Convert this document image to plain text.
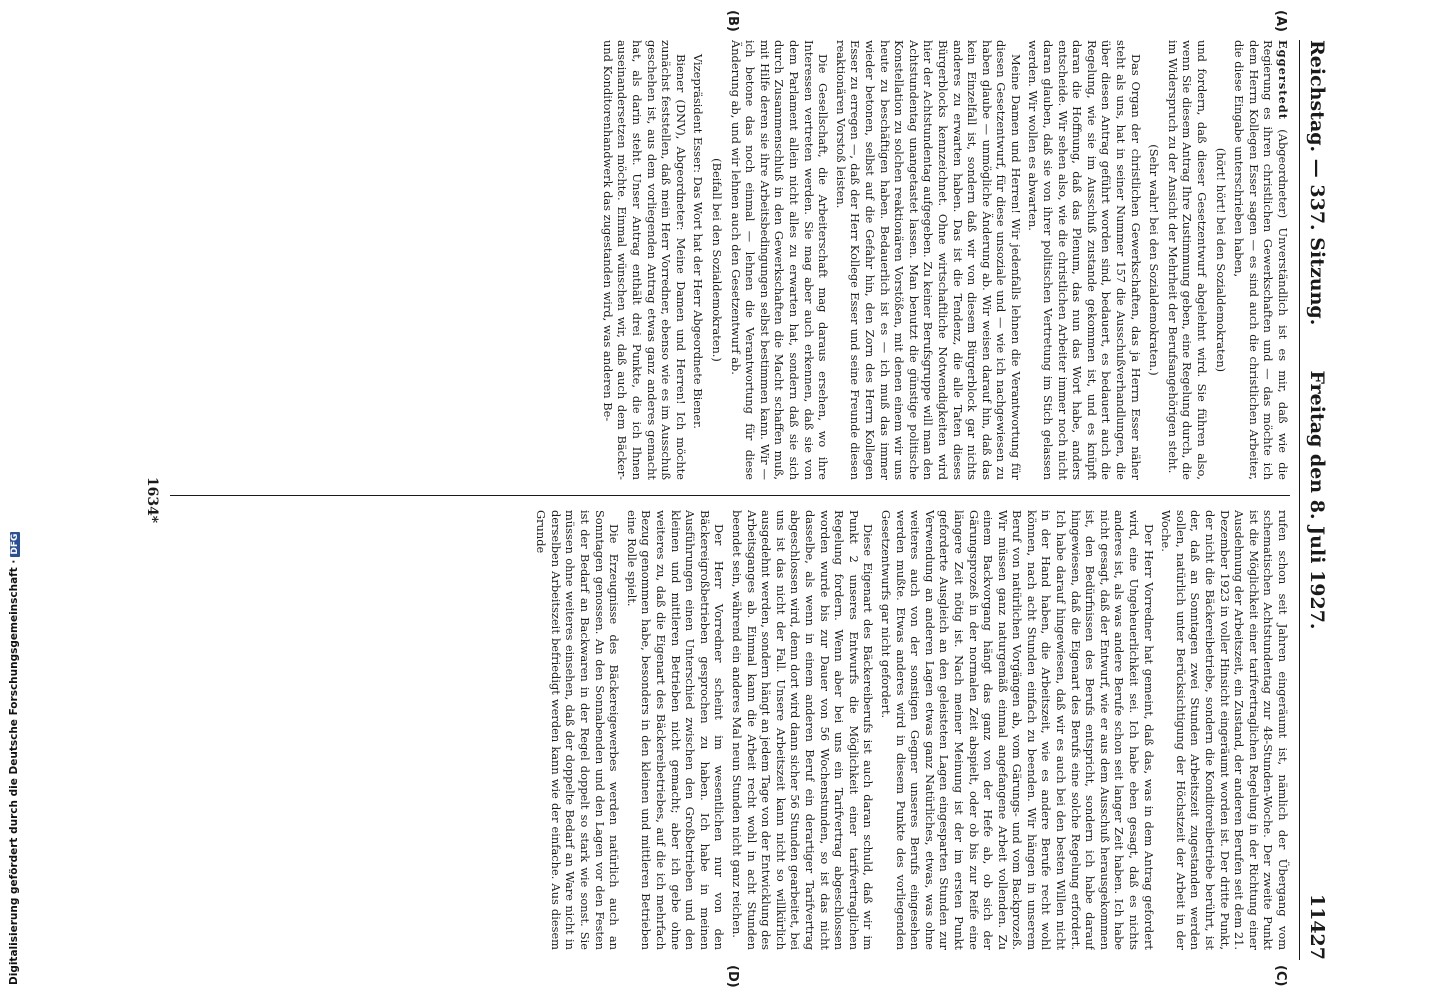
Digitalisierung gefördert durch die Deutsche Forschungsgemeinschaft ·DFG
Reichstag. — 337. Sitzung.
Freitag den 8. Juli 1927.
11427

Eggerstedt (Abgeordneter) Unverständlich ist es mir, daß wie die Regierung es ihren christlichen Gewerkschaften und — das möchte ich dem Herrn Kollegen Esser sagen — es sind auch die christlichen Arbeiter, die diese Eingabe unterschrieben haben,

(hört! hört! bei den Sozialdemokraten)

und fordern, daß dieser Gesetzentwurf abgelehnt wird. Sie führen also, wenn Sie diesem Antrag Ihre Zustimmung geben, eine Regelung durch, die im Widerspruch zu der Ansicht der Mehrheit der Berufsangehörigen steht.

(Sehr wahr! bei den Sozialdemokraten.)

Das Organ der christlichen Gewerkschaften, das ja Herrn Esser näher steht als uns, hat in seiner Nummer 157 die Ausschußverhandlungen, die über diesen Antrag geführt worden sind, bedauert, es bedauert auch die Regelung, wie sie im Ausschuß zustande gekommen ist, und es knüpft daran die Hoffnung, daß das Plenum, das nun das Wort habe, anders entscheide. Wir sehen also, wie die christlichen Arbeiter immer noch nicht daran glauben, daß sie von ihrer politischen Vertretung im Stich gelassen werden. Wir wollen es abwarten.

Meine Damen und Herren! Wir jedenfalls lehnen die Verantwortung für diesen Gesetzentwurf, für diese unsoziale und — wie ich nachgewiesen zu haben glaube — unmögliche Änderung ab. Wir weisen darauf hin, daß das kein Einzelfall ist, sondern daß wir von diesem Bürgerblock gar nichts anderes zu erwarten haben. Das ist die Tendenz, die alle Taten dieses Bürgerblocks kennzeichnet. Ohne wirtschaftliche Notwendigkeiten wird hier der Achtstundentag aufgegeben. Zu keiner Berufsgruppe will man den Achtstundentag unangetastet lassen. Man benutzt die günstige politische Konstellation zu solchen reaktionären Vorstößen, mit denen einem wir uns heute zu beschäftigen haben. Bedauerlich ist es — ich muß das immer wieder betonen, selbst auf die Gefahr hin, den Zorn des Herrn Kollegen Esser zu erregen —, daß der Herr Kollege Esser und seine Freunde diesen reaktionären Vorstoß leisten.

Die Gesellschaft, die Arbeiterschaft mag daraus ersehen, wo ihre Interessen vertreten werden. Sie mag aber auch erkennen, daß sie von dem Parlament allein nicht alles zu erwarten hat, sondern daß sie sich durch Zusammenschluß in den Gewerkschaften die Macht schaffen muß, mit Hilfe deren sie ihre Arbeitsbedingungen selbst bestimmen kann. Wir — ich betone das noch einmal — lehnen die Verantwortung für diese Änderung ab, und wir lehnen auch den Gesetzentwurf ab.

(Beifall bei den Sozialdemokraten.)

Vizepräsident Esser: Das Wort hat der Herr Abgeordnete Biener.

Biener (DNV), Abgeordneter: Meine Damen und Herren! Ich möchte zunächst feststellen, daß mein Herr Vorredner, ebenso wie es im Ausschuß geschehen ist, aus dem vorliegenden Antrag etwas ganz anderes gemacht hat, als darin steht. Unser Antrag enthält drei Punkte, die ich Ihnen auseinandersetzen möchte. Einmal wünschen wir, daß auch dem Bäcker- und Konditorenhandwerk das zugestanden wird, was anderen Be-

rufen schon seit Jahren eingeräumt ist, nämlich der Übergang vom schematischen Achtstundentag zur 48-Stunden-Woche. Der zweite Punkt ist die Möglichkeit einer tarifvertraglichen Regelung in der Richtung einer Ausdehnung der Arbeitszeit, ein Zustand, der anderen Berufen seit dem 21. Dezember 1923 in voller Hinsicht eingeräumt worden ist. Der dritte Punkt, der nicht die Bäckereibetriebe, sondern die Konditoreibetriebe berührt, ist der, daß an Sonntagen zwei Stunden Arbeitszeit zugestanden werden sollen, natürlich unter Berücksichtigung der Höchstzeit der Arbeit in der Woche.

Der Herr Vorredner hat gemeint, daß das, was in dem Antrag gefordert wird, eine Ungeheuerlichkeit sei. Ich habe eben gesagt, daß es nichts anderes ist, als was andere Berufe schon seit langer Zeit haben. Ich habe nicht gesagt, daß der Entwurf, wie er aus dem Ausschuß herausgekommen ist, den Bedürfnissen des Berufs entspricht, sondern ich habe darauf hingewiesen, daß die Eigenart des Berufs eine solche Regelung erfordert. Ich habe darauf hingewiesen, daß wir es auch bei den besten Willen nicht in der Hand haben, die Arbeitszeit, wie es andere Berufe recht wohl können, nach acht Stunden einfach zu beenden. Wir hängen in unserem Beruf von natürlichen Vorgängen ab, vom Gärungs- und vom Backprozeß. Wir müssen ganz naturgemäß einmal angefangene Arbeit vollenden. Zu einem Backvorgang hängt das ganz von der Hefe ab, ob sich der Gärungsprozeß in der normalen Zeit abspielt, oder ob bis zur Reife eine längere Zeit nötig ist. Nach meiner Meinung ist der im ersten Punkt geforderte Ausgleich an den geleisteten Lagen eingesparten Stunden zur Verwendung an anderen Lagen etwas ganz Natürliches, etwas, was ohne weiteres auch von der sonstigen Gegner unseres Berufs eingesehen werden mußte. Etwas anderes wird in diesem Punkte des vorliegenden Gesetzentwurfs gar nicht gefordert.

Diese Eigenart des Bäckereiberufs ist auch daran schuld, daß wir im Punkt 2 unseres Entwurfs die Möglichkeit einer tarifvertraglichen Regelung fordern. Wenn aber bei uns ein Tarifvertrag abgeschlossen worden wurde bis zur Dauer von 56 Wochenstunden, so ist das nicht dasselbe, als wenn in einem anderen Beruf ein derartiger Tarifvertrag abgeschlossen wird, denn dort wird dann sicher 56 Stunden gearbeitet, bei uns ist das nicht der Fall. Unsere Arbeitszeit kann nicht so willkürlich ausgedehnt werden, sondern hängt an jedem Tage von der Entwicklung des Arbeitsganges ab. Einmal kann die Arbeit recht wohl in acht Stunden beendet sein, während ein anderes Mal neun Stunden nicht ganz reichen.

Der Herr Vorredner scheint im wesentlichen nur von den Bäckereigroßbetrieben gesprochen zu haben. Ich habe in meinen Ausführungen einen Unterschied zwischen den Großbetrieben und den kleinen und mittleren Betrieben nicht gemacht; aber ich gebe ohne weiteres zu, daß die Eigenart des Bäckereibetriebes, auf die ich mehrfach Bezug genommen habe, besonders in den kleinen und mittleren Betrieben eine Rolle spielt.

Die Erzeugnisse des Bäckereigewerbes werden natürlich auch an Sonntagen genossen. An den Sonnabenden und den Lagen vor den Festen ist der Bedarf an Backwaren in der Regel doppelt so stark wie sonst. Sie müssen ohne weiteres einsehen, daß der doppelte Bedarf an Ware nicht in derselben Arbeitszeit befriedigt werden kann wie der einfache. Aus diesem Grunde

(A)
(B)
(C)
(D)
1634*
